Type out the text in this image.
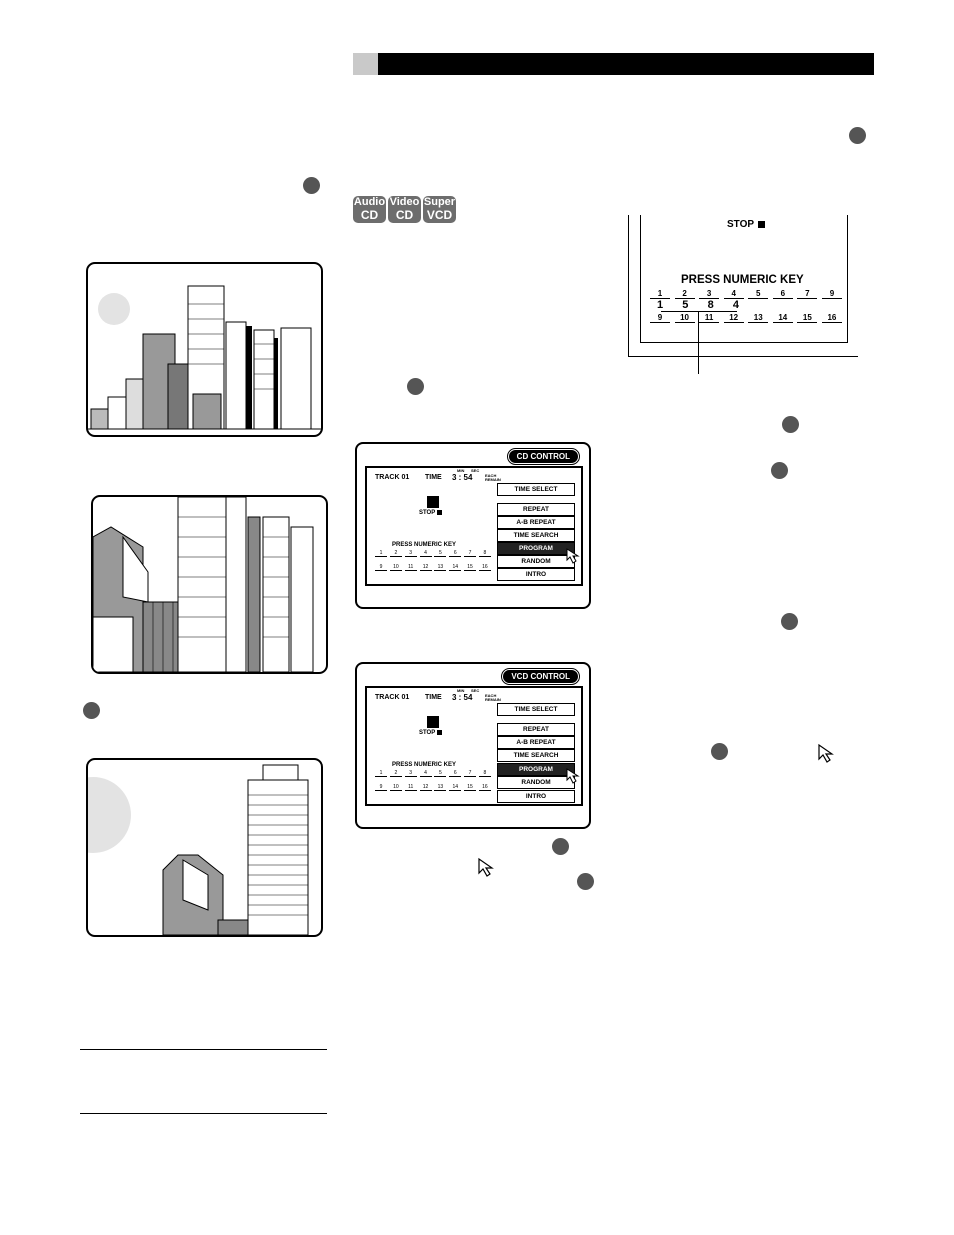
Audio
CD
Video
CD
Super
VCD
CD CONTROL
TRACK 01 TIME
MIN SEC
3 : 54	EACH REMAIN
STOP
PRESS NUMERIC KEY
1	2	3	4	5	6	7	8
9	10	11	12	13	14	15	16
TIME SELECT
REPEAT
A-B REPEAT
TIME SEARCH
PROGRAM
RANDOM
INTRO
VCD CONTROL
TRACK 01 TIME
MIN SEC
3 : 54	EACH REMAIN
STOP
PRESS NUMERIC KEY
1	2	3	4	5	6	7	8
9	10	11	12	13	14	15	16
TIME SELECT
REPEAT
A-B REPEAT
TIME SEARCH
PROGRAM
RANDOM
INTRO
STOP
PRESS NUMERIC KEY
1	2	3	4	5	6	7	9
1	5	8	4
9	10	11	12	13	14	15	16
